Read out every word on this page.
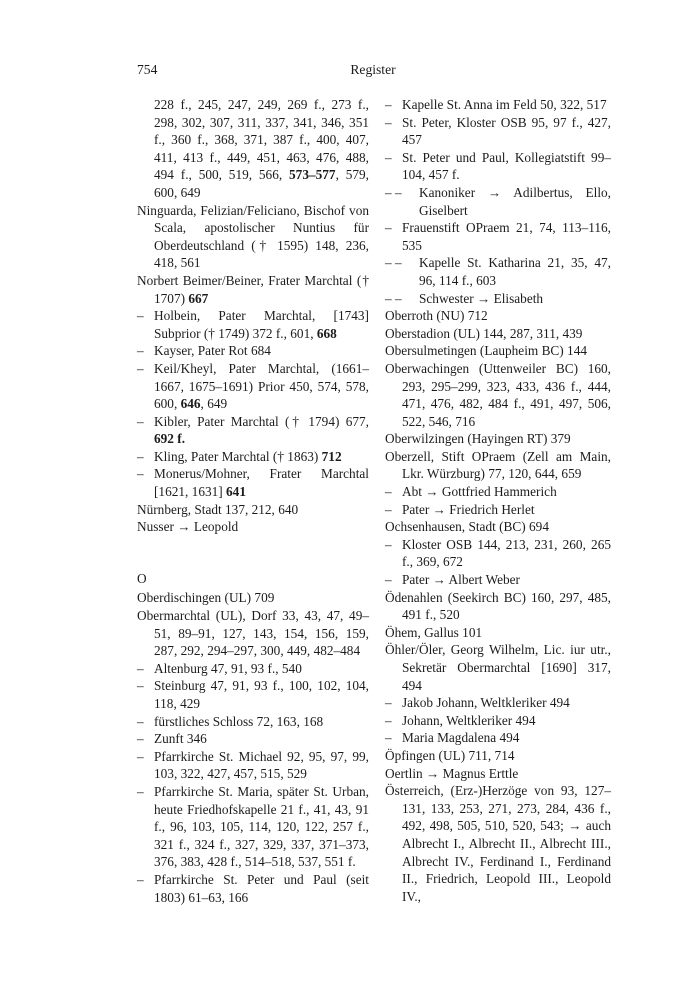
754	Register
228 f., 245, 247, 249, 269 f., 273 f., 298, 302, 307, 311, 337, 341, 346, 351 f., 360 f., 368, 371, 387 f., 400, 407, 411, 413 f., 449, 451, 463, 476, 488, 494 f., 500, 519, 566, 573–577, 579, 600, 649
Ninguarda, Felizian/Feliciano, Bischof von Scala, apostolischer Nuntius für Oberdeutschland († 1595) 148, 236, 418, 561
Norbert Beimer/Beiner, Frater Marchtal († 1707) 667
– Holbein, Pater Marchtal, [1743] Subprior († 1749) 372 f., 601, 668
– Kayser, Pater Rot 684
– Keil/Kheyl, Pater Marchtal, (1661–1667, 1675–1691) Prior 450, 574, 578, 600, 646, 649
– Kibler, Pater Marchtal († 1794) 677, 692 f.
– Kling, Pater Marchtal († 1863) 712
– Monerus/Mohner, Frater Marchtal [1621, 1631] 641
Nürnberg, Stadt 137, 212, 640
Nusser → Leopold
O
Oberdischingen (UL) 709
Obermarchtal (UL), Dorf 33, 43, 47, 49–51, 89–91, 127, 143, 154, 156, 159, 287, 292, 294–297, 300, 449, 482–484
– Altenburg 47, 91, 93 f., 540
– Steinburg 47, 91, 93 f., 100, 102, 104, 118, 429
– fürstliches Schloss 72, 163, 168
– Zunft 346
– Pfarrkirche St. Michael 92, 95, 97, 99, 103, 322, 427, 457, 515, 529
– Pfarrkirche St. Maria, später St. Urban, heute Friedhofskapelle 21 f., 41, 43, 91 f., 96, 103, 105, 114, 120, 122, 257 f., 321 f., 324 f., 327, 329, 337, 371–373, 376, 383, 428 f., 514–518, 537, 551 f.
– Pfarrkirche St. Peter und Paul (seit 1803) 61–63, 166
– Kapelle St. Anna im Feld 50, 322, 517
– St. Peter, Kloster OSB 95, 97 f., 427, 457
– St. Peter und Paul, Kollegiatstift 99–104, 457 f.
– –	Kanoniker → Adilbertus, Ello, Giselbert
– Frauenstift OPraem 21, 74, 113–116, 535
– –	Kapelle St. Katharina 21, 35, 47, 96, 114 f., 603
– –	Schwester → Elisabeth
Oberroth (NU) 712
Oberstadion (UL) 144, 287, 311, 439
Obersulmetingen (Laupheim BC) 144
Oberwachingen (Uttenweiler BC) 160, 293, 295–299, 323, 433, 436 f., 444, 471, 476, 482, 484 f., 491, 497, 506, 522, 546, 716
Oberwilzingen (Hayingen RT) 379
Oberzell, Stift OPraem (Zell am Main, Lkr. Würzburg) 77, 120, 644, 659
– Abt → Gottfried Hammerich
– Pater → Friedrich Herlet
Ochsenhausen, Stadt (BC) 694
– Kloster OSB 144, 213, 231, 260, 265 f., 369, 672
– Pater → Albert Weber
Ödenahlen (Seekirch BC) 160, 297, 485, 491 f., 520
Öhem, Gallus 101
Öhler/Öler, Georg Wilhelm, Lic. iur utr., Sekretär Obermarchtal [1690] 317, 494
– Jakob Johann, Weltkleriker 494
– Johann, Weltkleriker 494
– Maria Magdalena 494
Öpfingen (UL) 711, 714
Oertlin → Magnus Erttle
Österreich, (Erz-)Herzöge von 93, 127–131, 133, 253, 271, 273, 284, 436 f., 492, 498, 505, 510, 520, 543; → auch Albrecht I., Albrecht II., Albrecht III., Albrecht IV., Ferdinand I., Ferdinand II., Friedrich, Leopold III., Leopold IV.,
